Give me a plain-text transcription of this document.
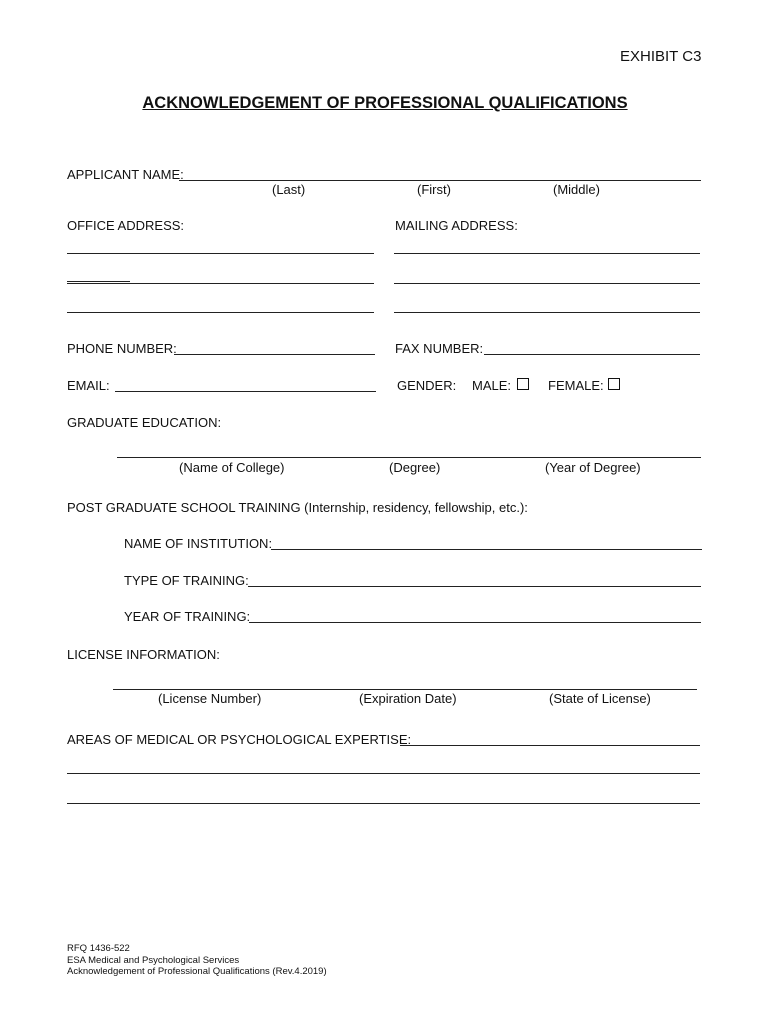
EXHIBIT C3
ACKNOWLEDGEMENT OF PROFESSIONAL QUALIFICATIONS
APPLICANT NAME:
(Last)	(First)	(Middle)
OFFICE ADDRESS:	MAILING ADDRESS:
PHONE NUMBER:	FAX NUMBER:
EMAIL:	GENDER: MALE:	FEMALE:
GRADUATE EDUCATION:
(Name of College)	(Degree)	(Year of Degree)
POST GRADUATE SCHOOL TRAINING (Internship, residency, fellowship, etc.):
NAME OF INSTITUTION:
TYPE OF TRAINING:
YEAR OF TRAINING:
LICENSE INFORMATION:
(License Number)	(Expiration Date)	(State of License)
AREAS OF MEDICAL OR PSYCHOLOGICAL EXPERTISE:
RFQ 1436-522
ESA Medical and Psychological Services
Acknowledgement of Professional Qualifications (Rev.4.2019)
